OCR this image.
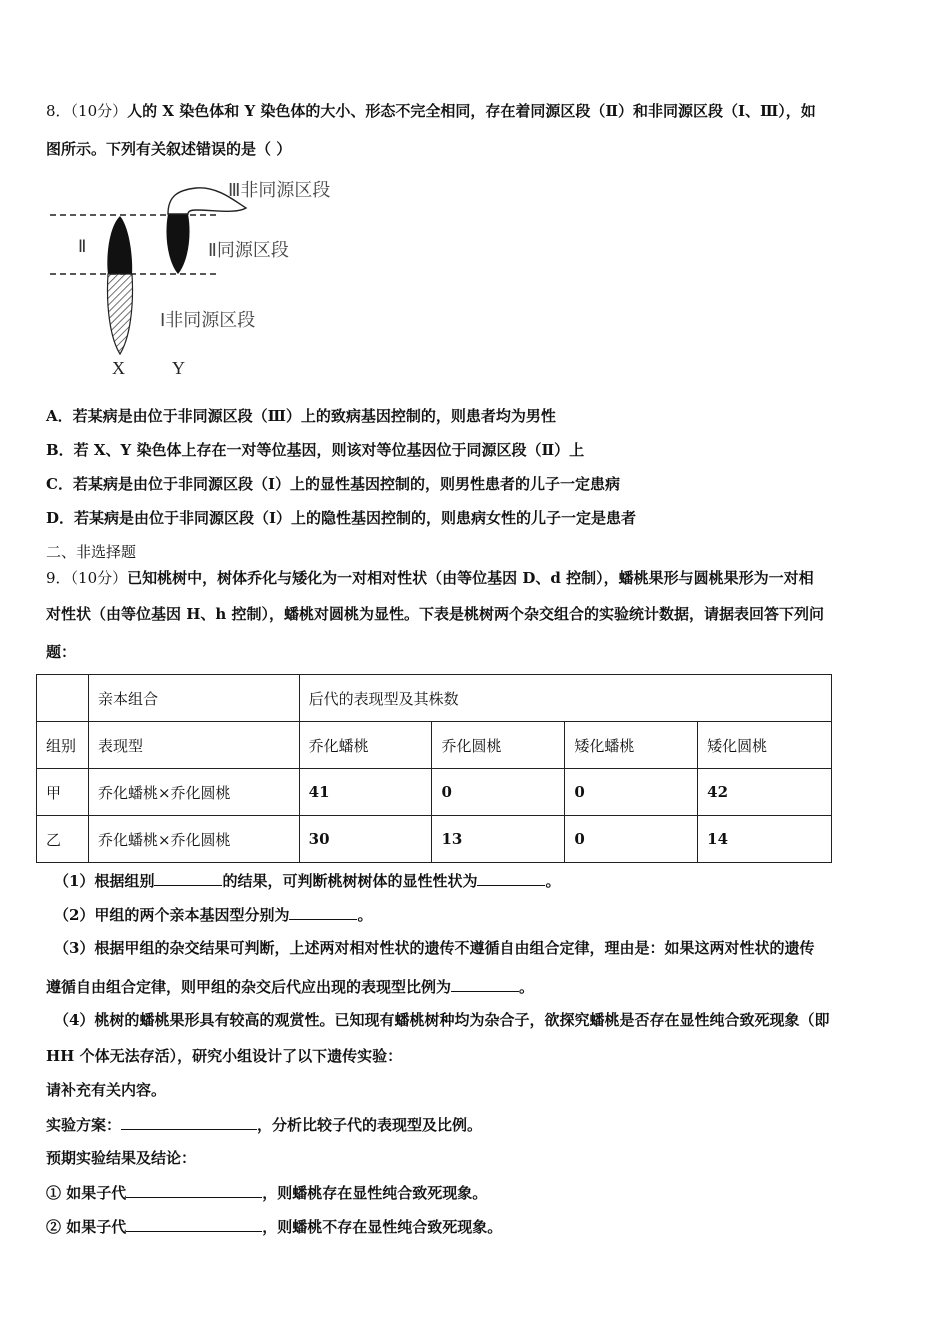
8．（10分）人的 X 染色体和 Y 染色体的大小、形态不完全相同，存在着同源区段（Ⅱ）和非同源区段（Ⅰ、Ⅲ），如
图所示。下列有关叙述错误的是（ ）
Ⅱ
Ⅲ非同源区段
Ⅱ同源区段
Ⅰ非同源区段
X	Y
A．若某病是由位于非同源区段（Ⅲ）上的致病基因控制的，则患者均为男性
B．若 X、Y 染色体上存在一对等位基因，则该对等位基因位于同源区段（Ⅱ）上
C．若某病是由位于非同源区段（Ⅰ）上的显性基因控制的，则男性患者的儿子一定患病
D．若某病是由位于非同源区段（Ⅰ）上的隐性基因控制的，则患病女性的儿子一定是患者
二、非选择题
9．（10分）已知桃树中，树体乔化与矮化为一对相对性状（由等位基因 D、d 控制），蟠桃果形与圆桃果形为一对相
对性状（由等位基因 H、h 控制），蟠桃对圆桃为显性。下表是桃树两个杂交组合的实验统计数据，请据表回答下列问
题：
	亲本组合	后代的表现型及其株数			
组别	表现型	乔化蟠桃	乔化圆桃	矮化蟠桃	矮化圆桃
甲	乔化蟠桃×乔化圆桃	41	0	0	42
乙	乔化蟠桃×乔化圆桃	30	13	0	14
（1）根据组别	的结果，可判断桃树树体的显性性状为	。
（2）甲组的两个亲本基因型分别为	。
（3）根据甲组的杂交结果可判断，上述两对相对性状的遗传不遵循自由组合定律，理由是：如果这两对性状的遗传
遵循自由组合定律，则甲组的杂交后代应出现的表现型比例为	。
（4）桃树的蟠桃果形具有较高的观赏性。已知现有蟠桃树种均为杂合子，欲探究蟠桃是否存在显性纯合致死现象（即
HH 个体无法存活），研究小组设计了以下遗传实验：
请补充有关内容。
实验方案：	，分析比较子代的表现型及比例。
预期实验结果及结论：
① 如果子代	，则蟠桃存在显性纯合致死现象。
② 如果子代	，则蟠桃不存在显性纯合致死现象。
